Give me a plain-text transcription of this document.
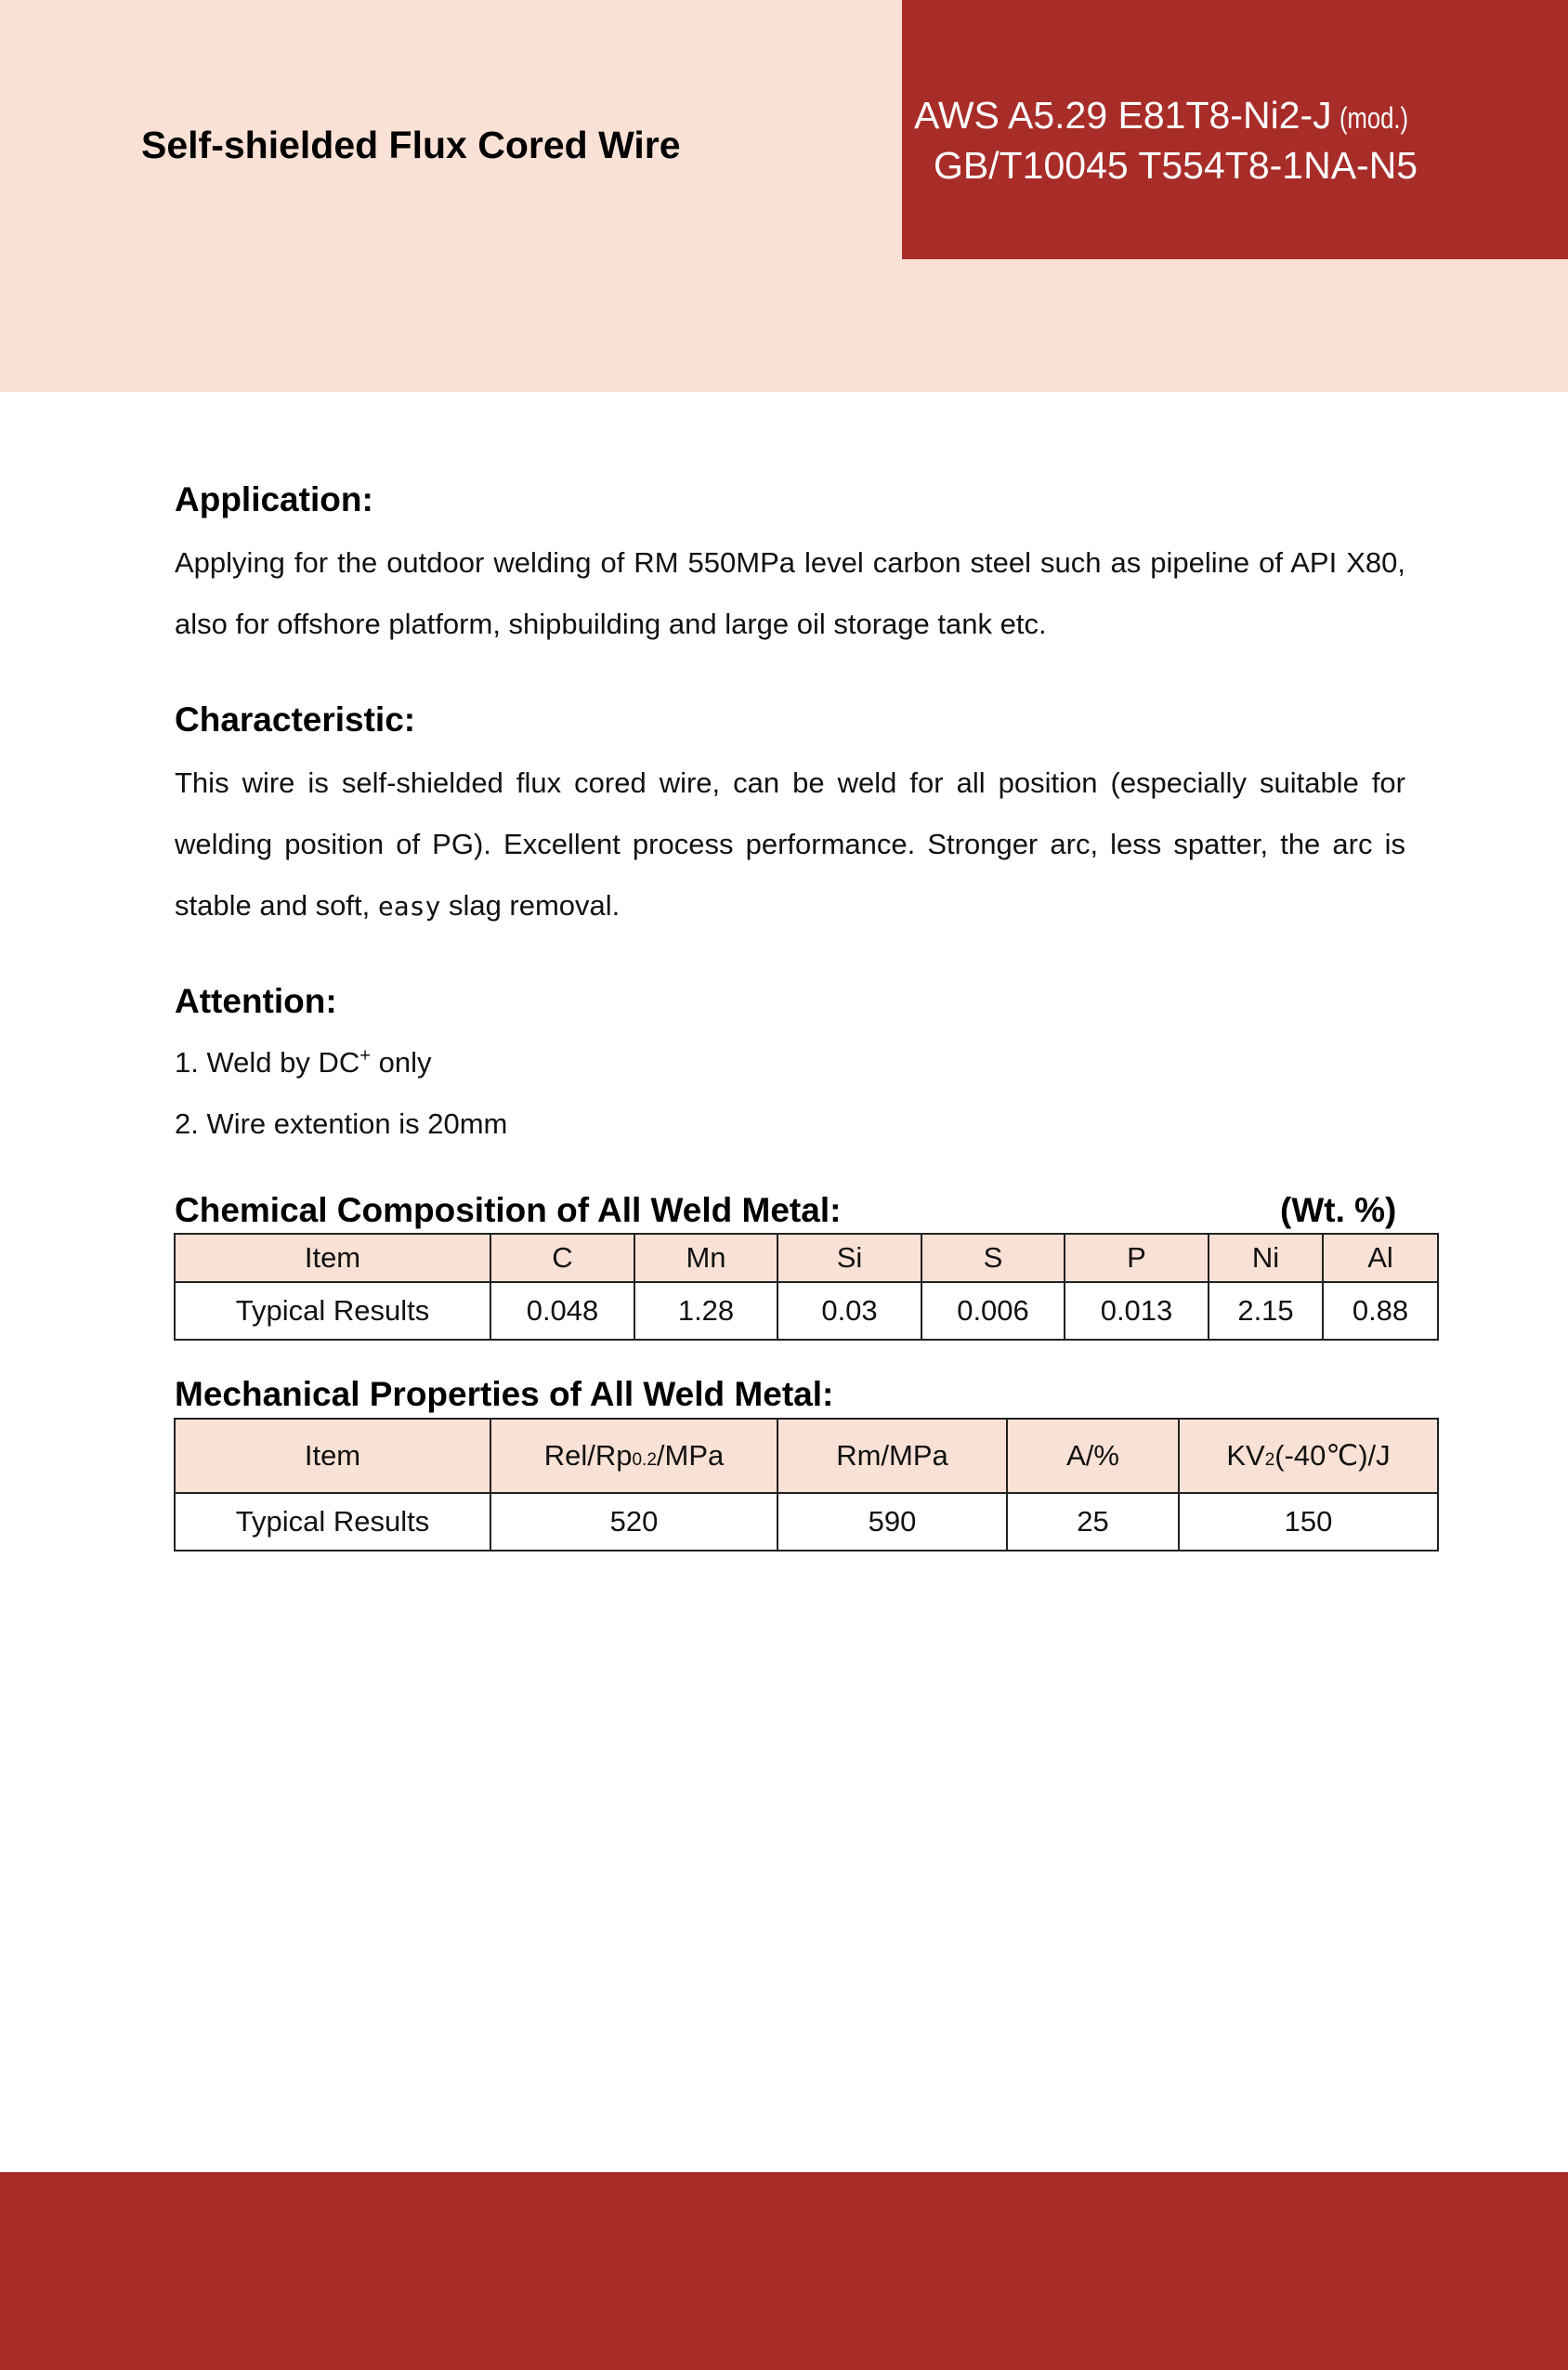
Self-shielded Flux Cored Wire
AWS A5.29 E81T8-Ni2-J (mod.)
GB/T10045 T554T8-1NA-N5
Application:
Applying for the outdoor welding of RM 550MPa level carbon steel such as pipeline of API X80, also for offshore platform, shipbuilding and large oil storage tank etc.
Characteristic:
This wire is self-shielded flux cored wire, can be weld for all position (especially suitable for welding position of PG). Excellent process performance. Stronger arc, less spatter, the arc is stable and soft, easy slag removal.
Attention:
1. Weld by DC+ only
2. Wire extention is 20mm
Chemical Composition of All Weld Metal:	(Wt. %)
Item	C	Mn	Si	S	P	Ni	Al
Typical Results	0.048	1.28	0.03	0.006	0.013	2.15	0.88
Mechanical Properties of All Weld Metal:
Item	Rel/Rp0.2/MPa	Rm/MPa	A/%	KV2(-40℃)/J
Typical Results	520	590	25	150
